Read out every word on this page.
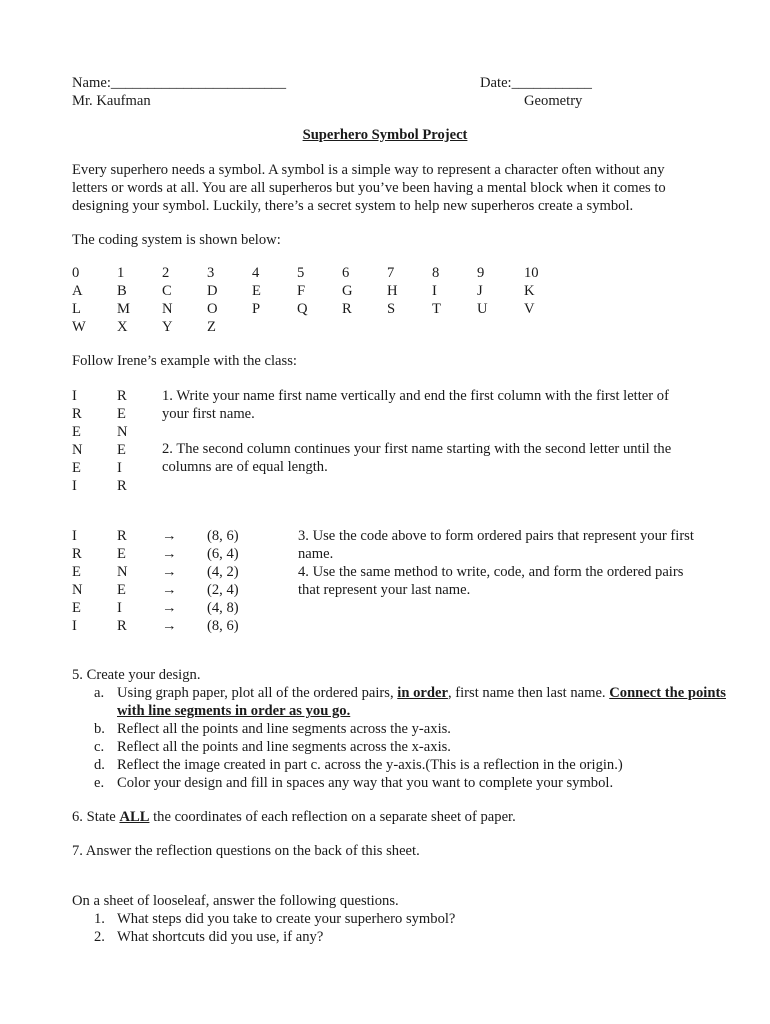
Name:________________________	Date:___________
Mr. Kaufman	Geometry
Superhero Symbol Project
Every superhero needs a symbol. A symbol is a simple way to represent a character often without any letters or words at all. You are all superheros but you’ve been having a mental block when it comes to designing your symbol. Luckily, there’s a secret system to help new superheros create a symbol.
The coding system is shown below:
0
A
L
W
1
B
M
X
2
C
N
Y
3
D
O
Z
4
E
P
5
F
Q
6
G
R
7
H
S
8
I
T
9
J
U
10
K
V
Follow Irene’s example with the class:
I
R
E
N
E
I
R
E
N
E
I
R
1. Write your name first name vertically and end the first column with the first letter of your first name.
2. The second column continues your first name starting with the second letter until the columns are of equal length.
I
R
E
N
E
I
R
E
N
E
I
R
→
→
→
→
→
→
(8, 6)
(6, 4)
(4, 2)
(2, 4)
(4, 8)
(8, 6)
3. Use the code above to form ordered pairs that represent your first name.
4. Use the same method to write, code, and form the ordered pairs that represent your last name.
5. Create your design.
a. Using graph paper, plot all of the ordered pairs, in order, first name then last name. Connect the points with line segments in order as you go.
b. Reflect all the points and line segments across the y-axis.
c. Reflect all the points and line segments across the x-axis.
d. Reflect the image created in part c. across the y-axis.(This is a reflection in the origin.)
e. Color your design and fill in spaces any way that you want to complete your symbol.
6. State ALL the coordinates of each reflection on a separate sheet of paper.
7. Answer the reflection questions on the back of this sheet.
On a sheet of looseleaf, answer the following questions.
1. What steps did you take to create your superhero symbol?
2. What shortcuts did you use, if any?
